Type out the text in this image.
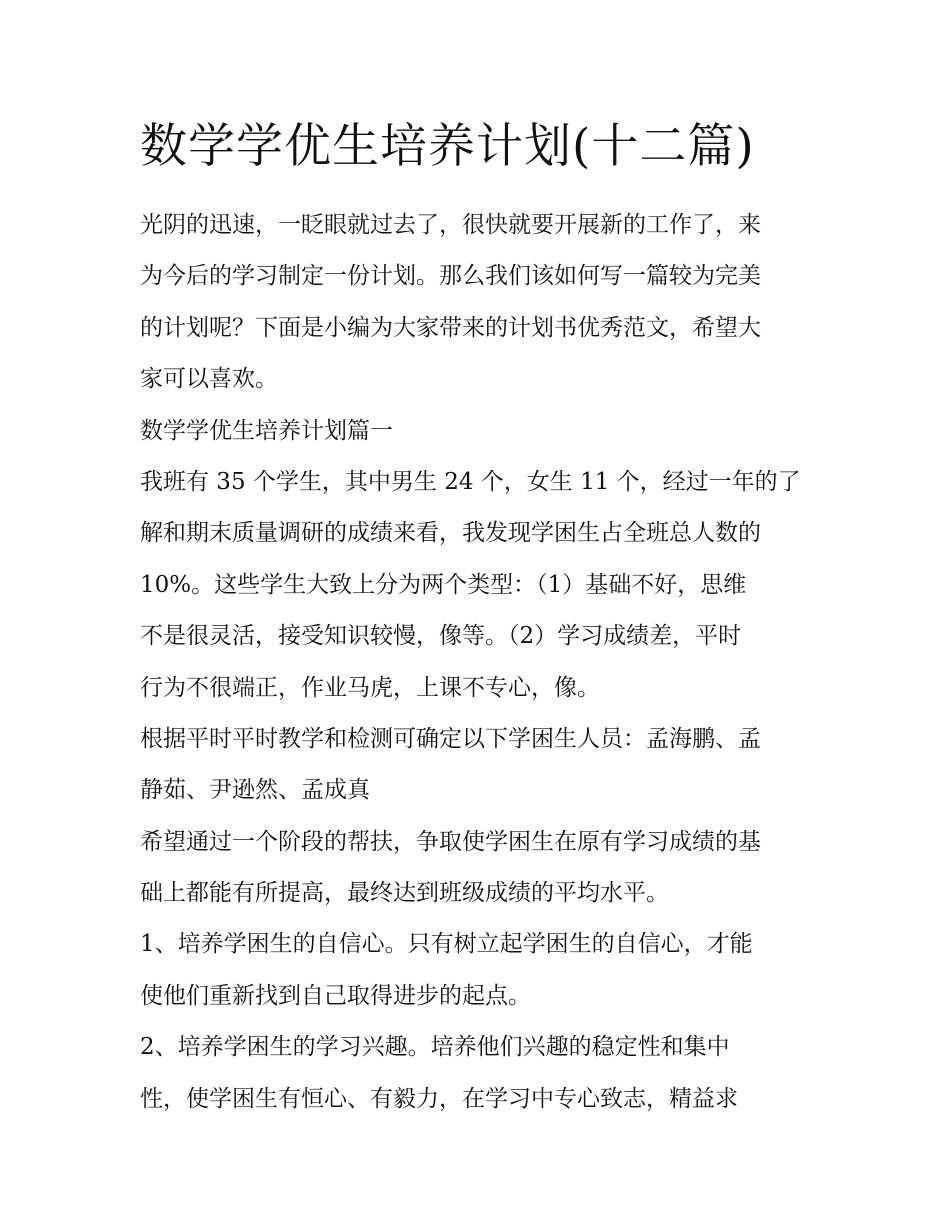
数学学优生培养计划(十二篇)
光阴的迅速，一眨眼就过去了，很快就要开展新的工作了，来
为今后的学习制定一份计划。那么我们该如何写一篇较为完美
的计划呢？下面是小编为大家带来的计划书优秀范文，希望大
家可以喜欢。
数学学优生培养计划篇一
我班有 35 个学生，其中男生 24 个，女生 11 个，经过一年的了
解和期末质量调研的成绩来看，我发现学困生占全班总人数的
10%。这些学生大致上分为两个类型：（1）基础不好，思维
不是很灵活，接受知识较慢，像等。（2）学习成绩差，平时
行为不很端正，作业马虎，上课不专心，像。
根据平时平时教学和检测可确定以下学困生人员：孟海鹏、孟
静茹、尹逊然、孟成真
希望通过一个阶段的帮扶，争取使学困生在原有学习成绩的基
础上都能有所提高，最终达到班级成绩的平均水平。
1、培养学困生的自信心。只有树立起学困生的自信心，才能
使他们重新找到自己取得进步的起点。
2、培养学困生的学习兴趣。培养他们兴趣的稳定性和集中
性，使学困生有恒心、有毅力，在学习中专心致志，精益求
